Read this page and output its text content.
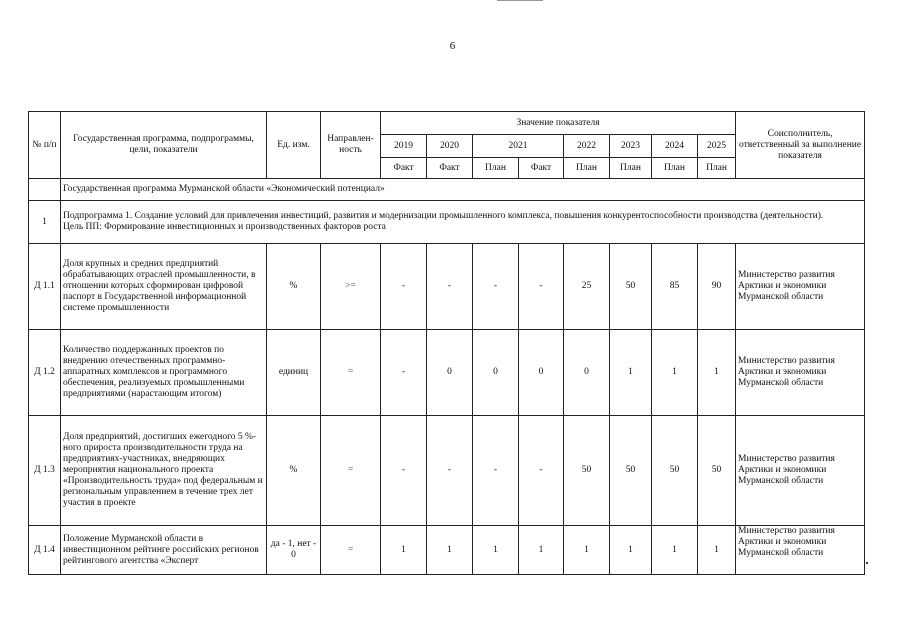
6
№ п/п	Государственная программа, подпрограммы, цели, показатели	Ед. изм.	Направлен-ность	Значение показателя								Соисполнитель, ответственный за выполнение показателя
				2019	2020	2021		2022	2023	2024	2025	
				Факт	Факт	План	Факт	План	План	План	План	
	Государственная программа Мурманской области «Экономический потенциал»											
1	Подпрограмма 1. Создание условий для привлечения инвестиций, развития и модернизации промышленного комплекса, повышения конкурентоспособности производства (деятельности).
Цель ПП: Формирование инвестиционных и производственных факторов роста											

Д 1.1	Доля крупных и средних предприятий обрабатывающих отраслей промышленности, в отношении которых сформирован цифровой паспорт в Государственной информационной системе промышленности	%	>=	-	-	-	-	25	50	85	90	Министерство развития Арктики и экономики Мурманской области
Д 1.2	Количество поддержанных проектов по внедрению отечественных программно-аппаратных комплексов и программного обеспечения, реализуемых промышленными предприятиями (нарастающим итогом)	единиц	=	-	0	0	0	0	1	1	1	Министерство развития Арктики и экономики Мурманской области
Д 1.3	Доля предприятий, достигших ежегодного 5 %-ного прироста производительности труда на предприятиях-участниках, внедряющих мероприятия национального проекта «Производительность труда» под федеральным и региональным управлением в течение трех лет участия в проекте	%	=	-	-	-	-	50	50	50	50	Министерство развития Арктики и экономики Мурманской области
Д 1.4	Положение Мурманской области в инвестиционном рейтинге российских регионов рейтингового агентства «Эксперт	да - 1, нет - 0	=	1	1	1	1	1	1	1	1	Министерство развития Арктики и экономики Мурманской области
